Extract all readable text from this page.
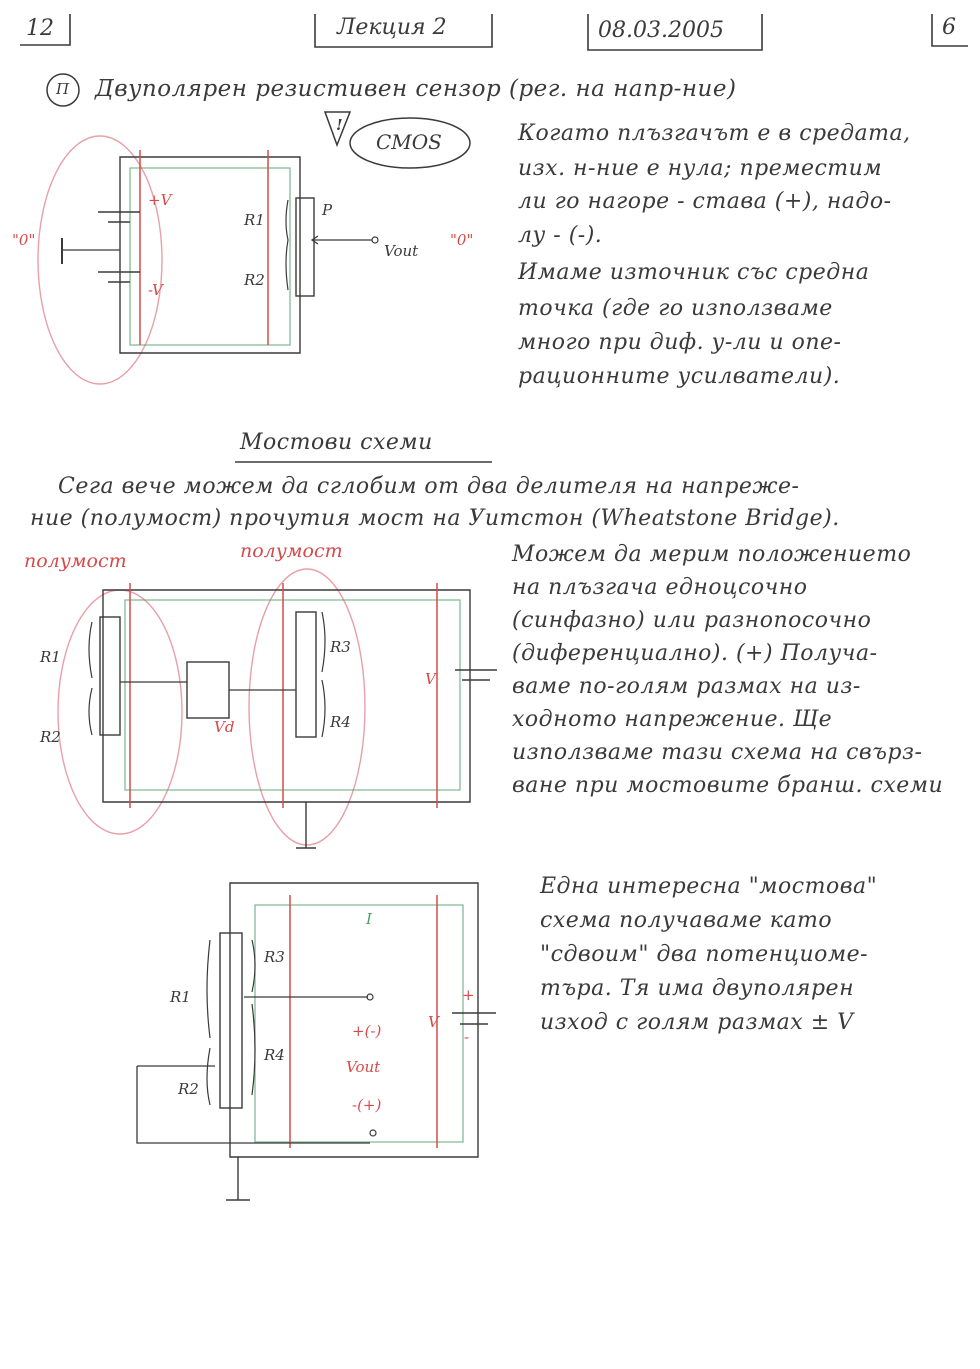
12	Лекция 2	08.03.2005	6
П Двуполярен резистивен сензор (рег. на напр-ние)
!
CMOS	Когато плъзгачът е в средата,
изх. н-ние е нула; преместим
ли го нагоре - става (+), надо-
лу - (-).
Имаме източник със средна
точка (где го използваме
много при диф. у-ли и опе-
рационните усилватели).
+V
-V
"0"	"0"
R1
R2
P
Vout
Мостови схеми
Сега вече можем да сглобим от два делителя на напреже-
ние (полумост) прочутия мост на Уитстон (Wheatstone Bridge).
полумост	полумост	Можем да мерим положението
на плъзгача едноцсочно
(синфазно) или разнопосочно
(диференциално). (+) Получа-
ваме по-голям размах на из-
ходното напрежение. Ще
използваме тази схема на свърз-
ване при мостовите бранш. схеми
R1
R2
R3
R4
Vd
V
Една интересна "мостова"
схема получаваме като
"сдвоим" два потенциоме-
търа. Тя има двуполярен
изход с голям размах ± V
R1
R2
R3
R4
I
+(-)
Vout
-(+)
V
+
-
